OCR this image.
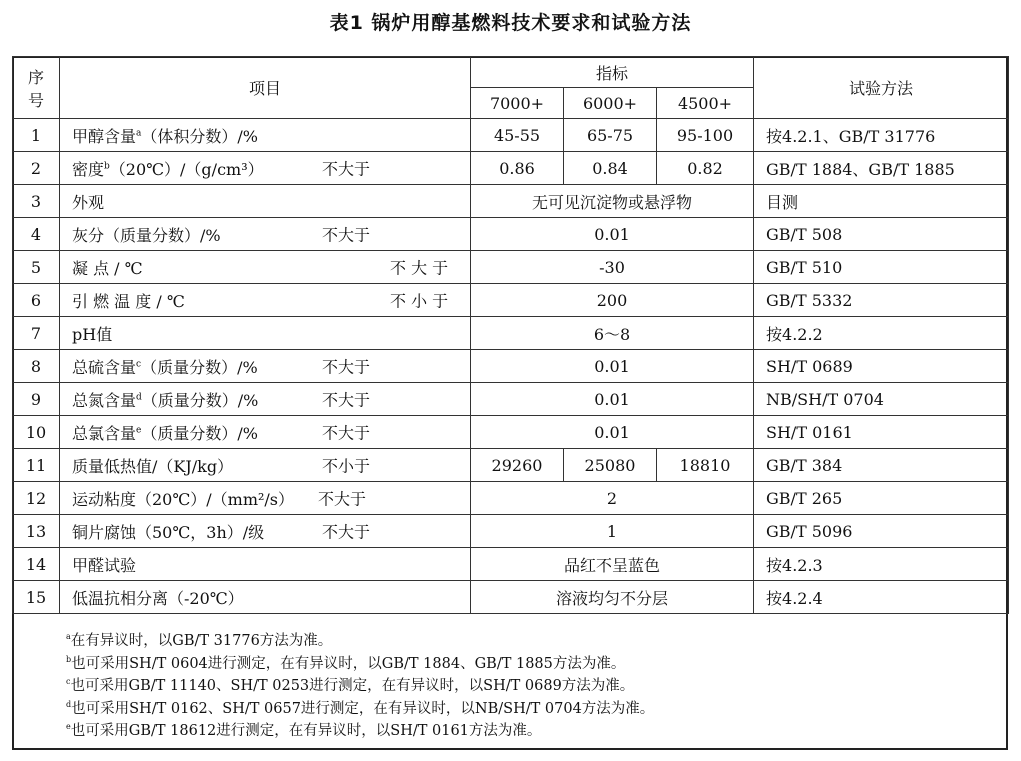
表1 锅炉用醇基燃料技术要求和试验方法
序
号	项目	指标			试验方法
		7000+	6000+	4500+	
1	甲醇含量$^a$（体积分数）/%	45-55	65-75	95-100	按4.2.1、GB/T 31776
2	密度$^b$（20℃）/（g/cm³） 不大于	0.86	0.84	0.82	GB/T 1884、GB/T 1885
3	外观	无可见沉淀物或悬浮物			目测
4	灰分（质量分数）/% 不大于	0.01			GB/T 508
5	凝 点 / ℃ 不 大 于	-30			GB/T 510
6	引 燃 温 度 / ℃ 不 小 于	200			GB/T 5332
7	pH值	6～8			按4.2.2
8	总硫含量$^c$（质量分数）/% 不大于	0.01			SH/T 0689
9	总氮含量$^d$（质量分数）/% 不大于	0.01			NB/SH/T 0704
10	总氯含量$^e$（质量分数）/% 不大于	0.01			SH/T 0161
11	质量低热值/（KJ/kg） 不小于	29260	25080	18810	GB/T 384
12	运动粘度（20℃）/（mm²/s） 不大于	2			GB/T 265
13	铜片腐蚀（50℃，3h）/级 不大于	1			GB/T 5096
14	甲醛试验	品红不呈蓝色			按4.2.3
15	低温抗相分离（-20℃）	溶液均匀不分层			按4.2.4
$^a$在有异议时，以GB/T 31776方法为准。
$^b$也可采用SH/T 0604进行测定，在有异议时，以GB/T 1884、GB/T 1885方法为准。
$^c$也可采用GB/T 11140、SH/T 0253进行测定，在有异议时，以SH/T 0689方法为准。
$^d$也可采用SH/T 0162、SH/T 0657进行测定，在有异议时，以NB/SH/T 0704方法为准。
$^e$也可采用GB/T 18612进行测定，在有异议时，以SH/T 0161方法为准。
